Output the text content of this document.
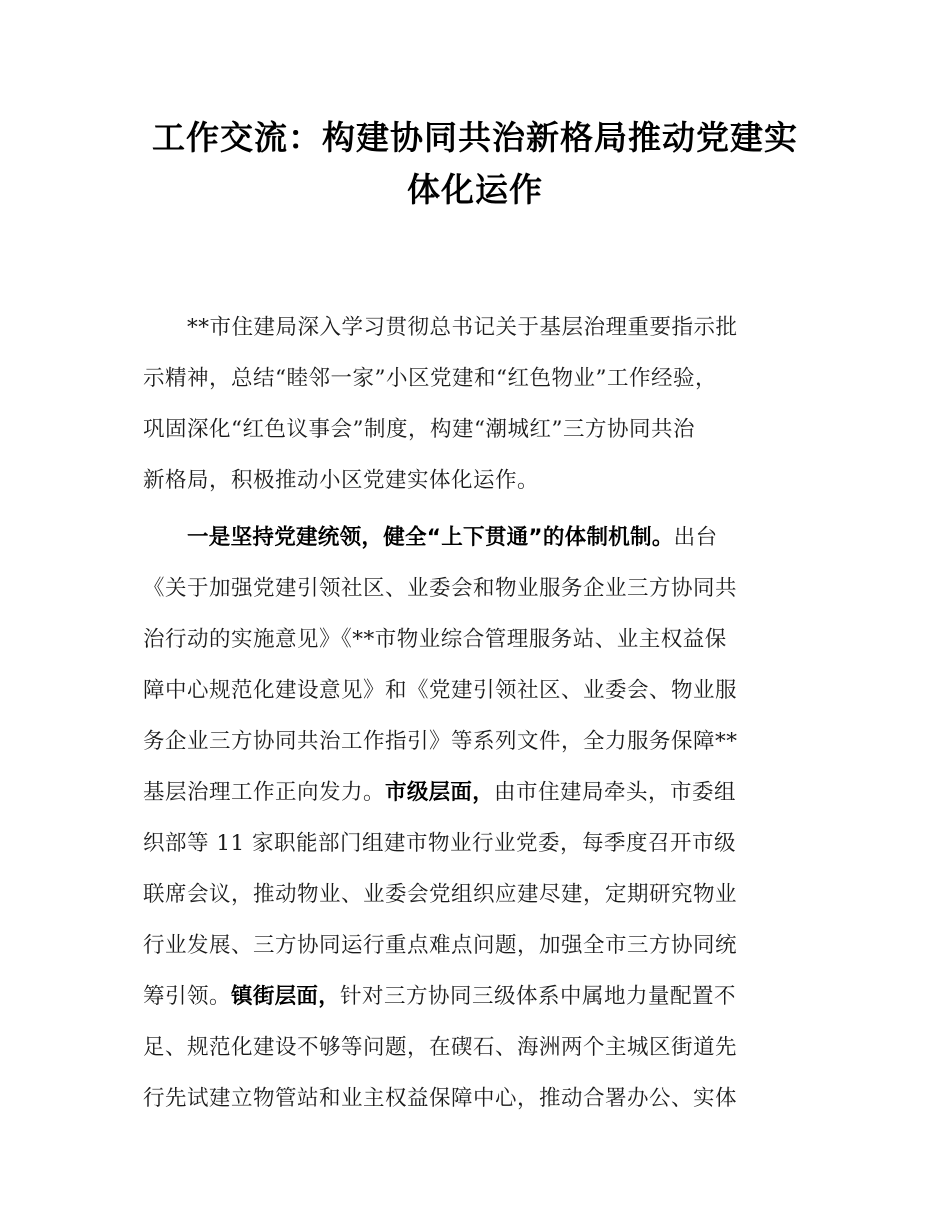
工作交流：构建协同共治新格局推动党建实
体化运作
**市住建局深入学习贯彻总书记关于基层治理重要指示批
示精神，总结“睦邻一家”小区党建和“红色物业”工作经验，
巩固深化“红色议事会”制度，构建“潮城红”三方协同共治
新格局，积极推动小区党建实体化运作。
一是坚持党建统领，健全“上下贯通”的体制机制。出台
《关于加强党建引领社区、业委会和物业服务企业三方协同共
治行动的实施意见》《**市物业综合管理服务站、业主权益保
障中心规范化建设意见》和《党建引领社区、业委会、物业服
务企业三方协同共治工作指引》等系列文件，全力服务保障**
基层治理工作正向发力。市级层面，由市住建局牵头，市委组
织部等 11 家职能部门组建市物业行业党委，每季度召开市级
联席会议，推动物业、业委会党组织应建尽建，定期研究物业
行业发展、三方协同运行重点难点问题，加强全市三方协同统
筹引领。镇街层面，针对三方协同三级体系中属地力量配置不
足、规范化建设不够等问题，在碶石、海洲两个主城区街道先
行先试建立物管站和业主权益保障中心，推动合署办公、实体
